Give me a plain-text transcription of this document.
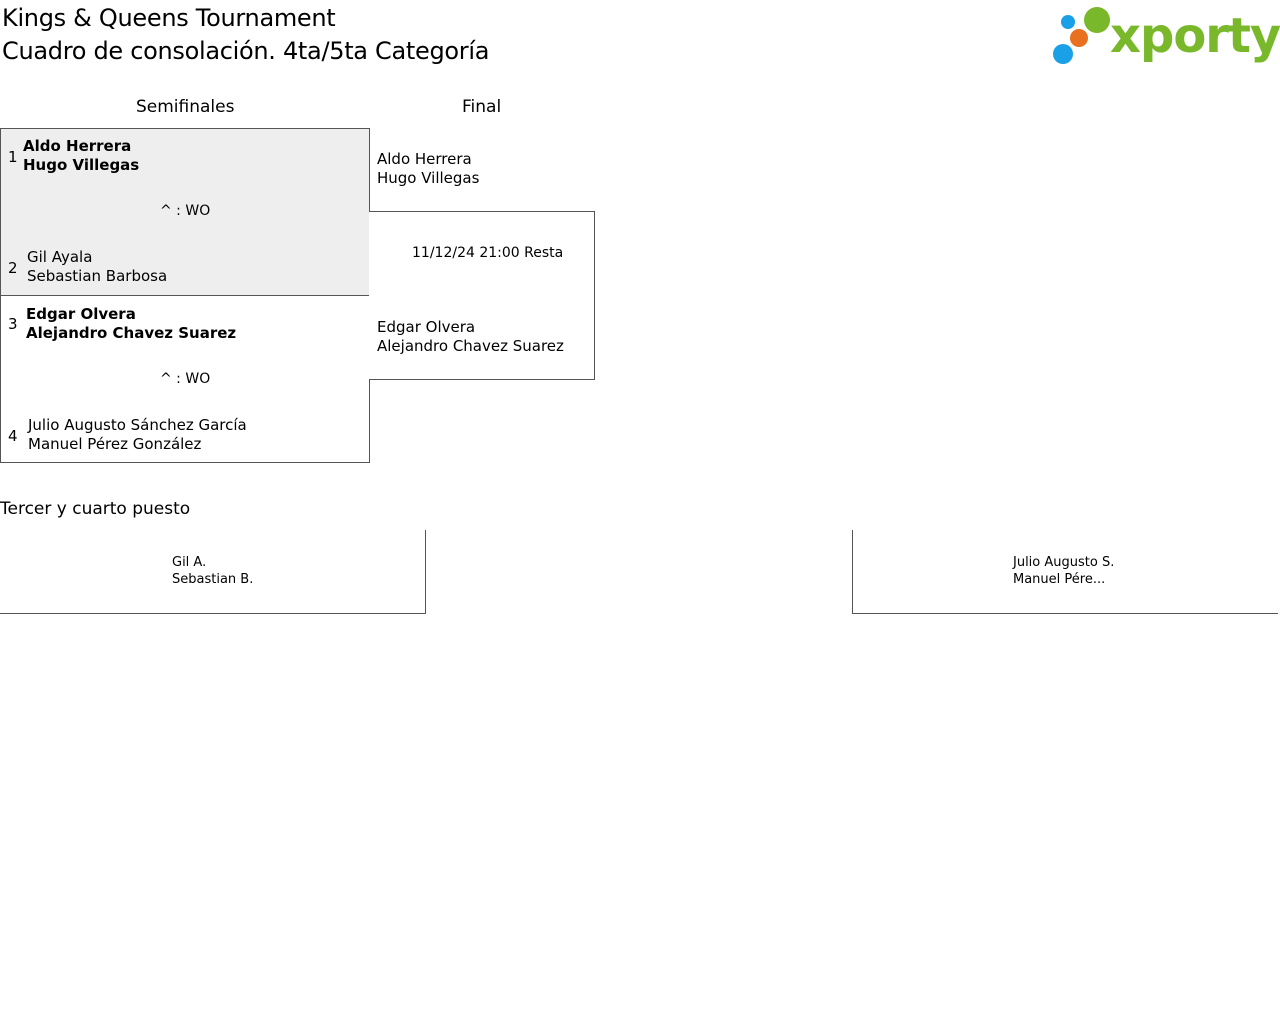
Kings & Queens Tournament
Cuadro de consolación. 4ta/5ta Categoría	xporty
Semifinales	Final
1
Aldo Herrera
Hugo Villegas
^ : WO
2
Gil Ayala
Sebastian Barbosa
3
Edgar Olvera
Alejandro Chavez Suarez
^ : WO
4
Julio Augusto Sánchez García
Manuel Pérez González
Aldo Herrera
Hugo Villegas
11/12/24 21:00 Resta
Edgar Olvera
Alejandro Chavez Suarez
Tercer y cuarto puesto
Gil A.
Sebastian B.
Julio Augusto S.
Manuel Pére...
